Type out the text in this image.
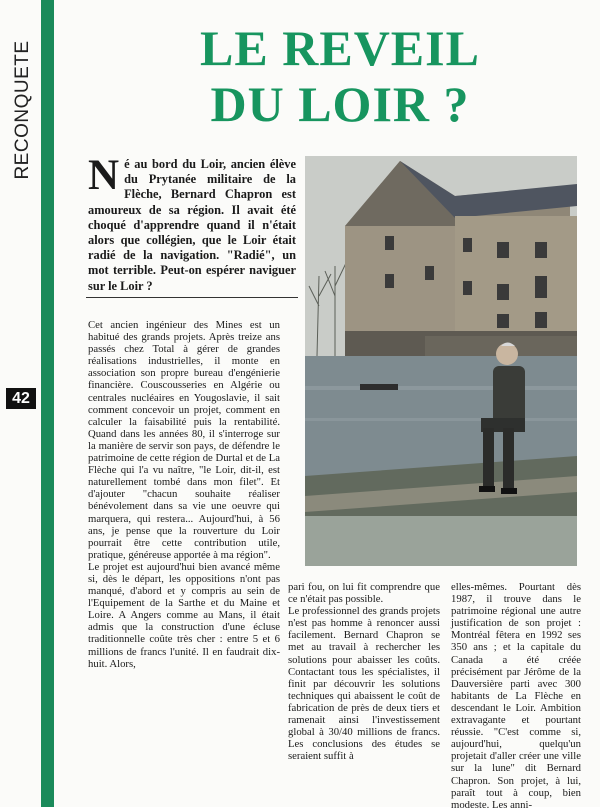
RECONQUETE
42
LE REVEIL
DU LOIR ?
Né au bord du Loir, ancien élève du Prytanée militaire de la Flèche, Bernard Chapron est amoureux de sa région. Il avait été choqué d'apprendre quand il n'était alors que collégien, que le Loir était radié de la navigation. "Radié", un mot terrible. Peut-on espérer naviguer sur le Loir ?

Cet ancien ingénieur des Mines est un habitué des grands projets. Après treize ans passés chez Total à gérer de grandes réalisations industrielles, il monte en association son propre bureau d'engénierie financière. Couscousseries en Algérie ou centrales nucléaires en Yougoslavie, il sait comment concevoir un projet, comment en calculer la faisabilité puis la rentabilité. Quand dans les années 80, il s'interroge sur la manière de servir son pays, de défendre le patrimoine de cette région de Durtal et de La Flèche qui l'a vu naître, "le Loir, dit-il, est naturellement tombé dans mon filet". Et d'ajouter "chacun souhaite réaliser bénévolement dans sa vie une oeuvre qui marquera, qui restera... Aujourd'hui, à 56 ans, je pense que la rouverture du Loir pourrait être cette contribution utile, pratique, généreuse apportée à ma région".

Le projet est aujourd'hui bien avancé même si, dès le départ, les oppositions n'ont pas manqué, d'abord et y compris au sein de l'Equipement de la Sarthe et du Maine et Loire. A Angers comme au Mans, il était admis que la construction d'une écluse traditionnelle coûte très cher : entre 5 et 6 millions de francs l'unité. Il en faudrait dix-huit. Alors,

pari fou, on lui fit comprendre que ce n'était pas possible.

Le professionnel des grands projets n'est pas homme à renoncer aussi facilement. Bernard Chapron se met au travail à rechercher les solutions pour abaisser les coûts. Contactant tous les spécialistes, il finit par découvrir les solutions techniques qui abaissent le coût de fabrication de près de deux tiers et ramenait ainsi l'investissement global à 30/40 millions de francs. Les conclusions des études se seraient suffit à

elles-mêmes. Pourtant dès 1987, il trouve dans le patrimoine régional une autre justification de son projet : Montréal fêtera en 1992 ses 350 ans ; et la capitale du Canada a été créée précisément par Jérôme de la Dauversière parti avec 300 habitants de La Flèche en descendant le Loir. Ambition extravagante et pourtant réussie. "C'est comme si, aujourd'hui, quelqu'un projetait d'aller créer une ville sur la lune" dit Bernard Chapron. Son projet, à lui, paraît tout à coup, bien modeste. Les anni-
